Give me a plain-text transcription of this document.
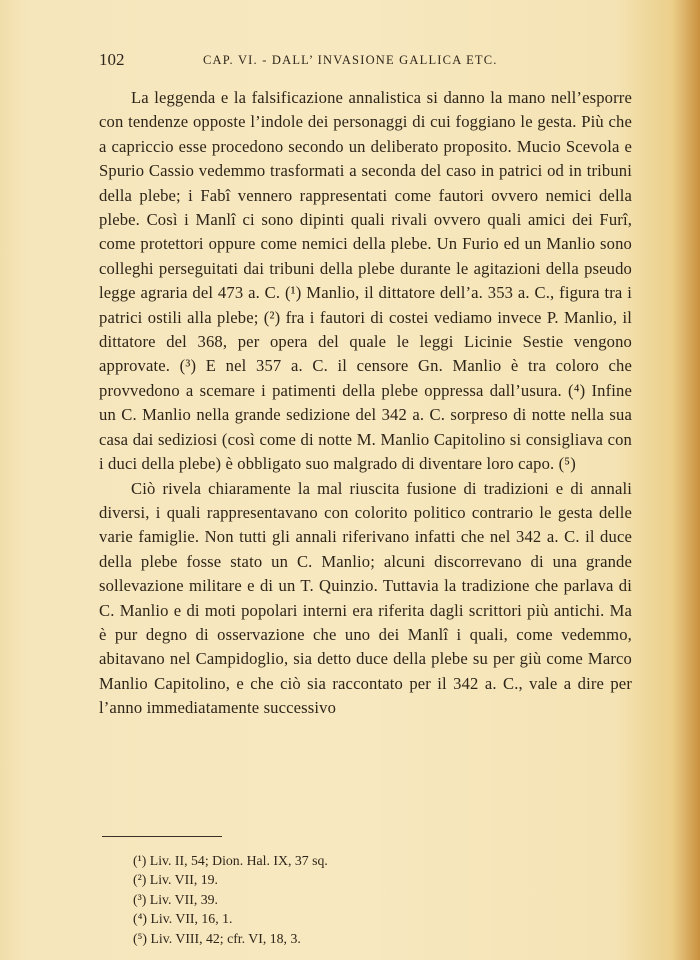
102	CAP. VI. - DALL’ INVASIONE GALLICA ETC.

La leggenda e la falsificazione annalistica si danno la mano nell’esporre con tendenze opposte l’indole dei personaggi di cui foggiano le gesta. Più che a capriccio esse procedono secondo un deliberato proposito. Mucio Scevola e Spurio Cassio vedemmo trasformati a seconda del caso in patrici od in tribuni della plebe; i Fabî vennero rappresentati come fautori ovvero nemici della plebe. Così i Manlî ci sono dipinti quali rivali ovvero quali amici dei Furî, come protettori oppure come nemici della plebe. Un Furio ed un Manlio sono colleghi perseguitati dai tribuni della plebe durante le agitazioni della pseudo legge agraria del 473 a. C. (¹) Manlio, il dittatore dell’a. 353 a. C., figura tra i patrici ostili alla plebe; (²) fra i fautori di costei vediamo invece P. Manlio, il dittatore del 368, per opera del quale le leggi Licinie Sestie vengono approvate. (³) E nel 357 a. C. il censore Gn. Manlio è tra coloro che provvedono a scemare i patimenti della plebe oppressa dall’usura. (⁴) Infine un C. Manlio nella grande sedizione del 342 a. C. sorpreso di notte nella sua casa dai sediziosi (così come di notte M. Manlio Capitolino si consigliava con i duci della plebe) è obbligato suo malgrado di diventare loro capo. (⁵)

Ciò rivela chiaramente la mal riuscita fusione di tradizioni e di annali diversi, i quali rappresentavano con colorito politico contrario le gesta delle varie famiglie. Non tutti gli annali riferivano infatti che nel 342 a. C. il duce della plebe fosse stato un C. Manlio; alcuni discorrevano di una grande sollevazione militare e di un T. Quinzio. Tuttavia la tradizione che parlava di C. Manlio e di moti popolari interni era riferita dagli scrittori più antichi. Ma è pur degno di osservazione che uno dei Manlî i quali, come vedemmo, abitavano nel Campidoglio, sia detto duce della plebe su per giù come Marco Manlio Capitolino, e che ciò sia raccontato per il 342 a. C., vale a dire per l’anno immediatamente successivo

(¹) Liv. II, 54; Dion. Hal. IX, 37 sq.
(²) Liv. VII, 19.
(³) Liv. VII, 39.
(⁴) Liv. VII, 16, 1.
(⁵) Liv. VIII, 42; cfr. VI, 18, 3.
